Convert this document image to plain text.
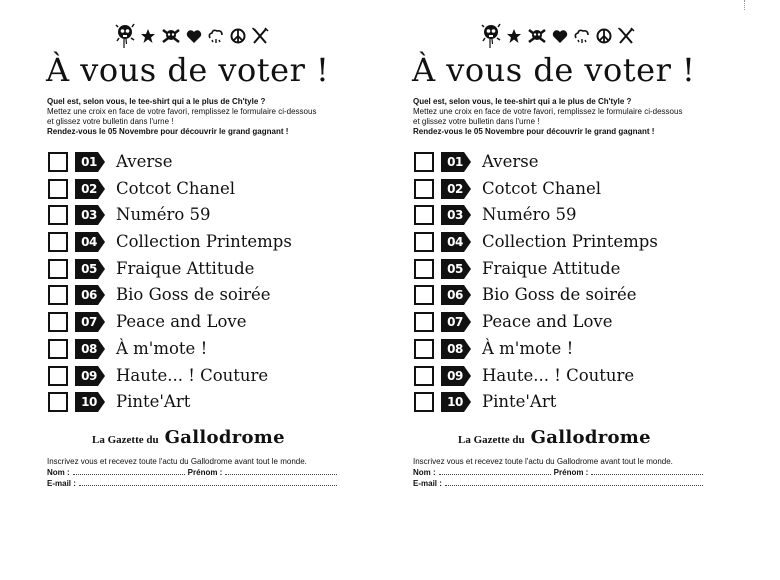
À vous de voter !
Quel est, selon vous, le tee-shirt qui a le plus de Ch'tyle ?
Mettez une croix en face de votre favori, remplissez le formulaire ci-dessous
et glissez votre bulletin dans l'urne !
Rendez-vous le 05 Novembre pour découvrir le grand gagnant !
01 Averse
02 Cotcot Chanel
03 Numéro 59
04 Collection Printemps
05 Fraique Attitude
06 Bio Goss de soirée
07 Peace and Love
08 À m'mote !
09 Haute... ! Couture
10 Pinte'Art
La Gazette du Gallodrome
Inscrivez vous et recevez toute l'actu du Gallodrome avant tout le monde.
Nom :	Prénom :
E-mail :
À vous de voter !
Quel est, selon vous, le tee-shirt qui a le plus de Ch'tyle ?
Mettez une croix en face de votre favori, remplissez le formulaire ci-dessous
et glissez votre bulletin dans l'urne !
Rendez-vous le 05 Novembre pour découvrir le grand gagnant !
01 Averse
02 Cotcot Chanel
03 Numéro 59
04 Collection Printemps
05 Fraique Attitude
06 Bio Goss de soirée
07 Peace and Love
08 À m'mote !
09 Haute... ! Couture
10 Pinte'Art
La Gazette du Gallodrome
Inscrivez vous et recevez toute l'actu du Gallodrome avant tout le monde.
Nom :	Prénom :
E-mail :
